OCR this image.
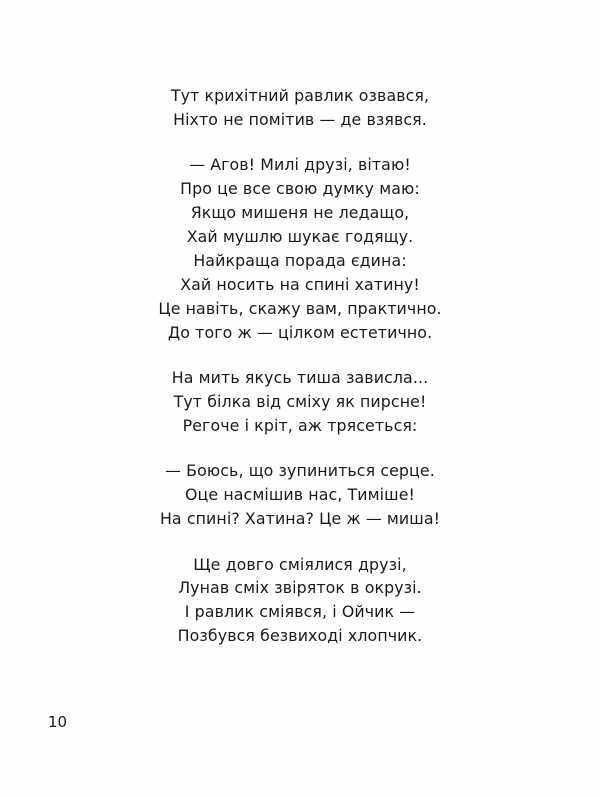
Тут крихітний равлик озвався,
Ніхто не помітив — де взявся.
— Агов! Милі друзі, вітаю!
Про це все свою думку маю:
Якщо мишеня не ледащо,
Хай мушлю шукає годящу.
Найкраща порада єдина:
Хай носить на спині хатину!
Це навіть, скажу вам, практично.
До того ж — цілком естетично.
На мить якусь тиша зависла...
Тут білка від сміху як пирсне!
Регоче і кріт, аж трясеться:
— Боюсь, що зупиниться серце.
Оце насмішив нас, Тиміше!
На спині? Хатина? Це ж — миша!
Ще довго сміялися друзі,
Лунав сміх звіряток в окрузі.
І равлик сміявся, і Ойчик —
Позбувся безвиході хлопчик.
10
